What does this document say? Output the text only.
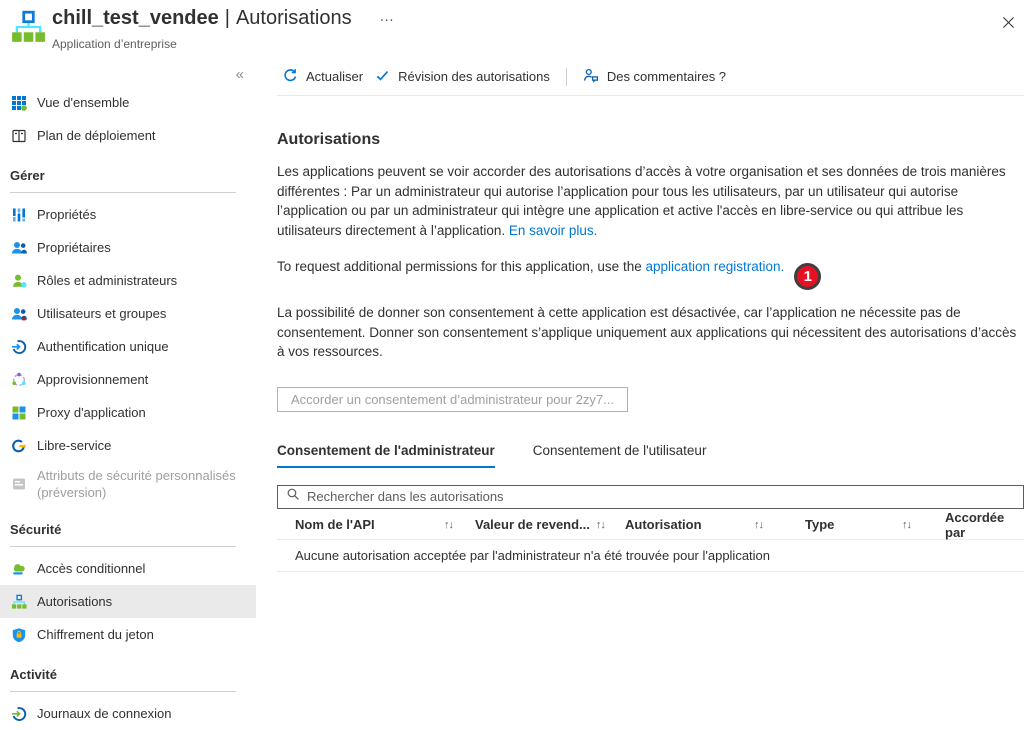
chill_test_vendee | Autorisations …
Application d’entreprise
«
Vue d'ensemble
Plan de déploiement
Gérer
Propriétés
Propriétaires
Rôles et administrateurs
Utilisateurs et groupes
Authentification unique
Approvisionnement
Proxy d'application
Libre-service
Attributs de sécurité personnalisés
(préversion)
Sécurité
Accès conditionnel
Autorisations
Chiffrement du jeton
Activité
Journaux de connexion
Actualiser	Révision des autorisations	Des commentaires ?
Autorisations

Les applications peuvent se voir accorder des autorisations d’accès à votre organisation et ses données de trois manières différentes : Par un administrateur qui autorise l’application pour tous les utilisateurs, par un utilisateur qui autorise l’application ou par un administrateur qui intègre une application et active l'accès en libre-service ou qui attribue les utilisateurs directement à l’application. En savoir plus.

To request additional permissions for this application, use the application registration.1

La possibilité de donner son consentement à cette application est désactivée, car l’application ne nécessite pas de consentement. Donner son consentement s’applique uniquement aux applications qui nécessitent des autorisations d’accès à vos ressources.

Accorder un consentement d’administrateur pour 2zy7...
Consentement de l'administrateur	Consentement de l'utilisateur
Rechercher dans les autorisations
Nom de l'API	↑↓ Valeur de revend... ↑↓ Autorisation	↑↓	Type	↑↓	Accordée par
Aucune autorisation acceptée par l'administrateur n'a été trouvée pour l'application
